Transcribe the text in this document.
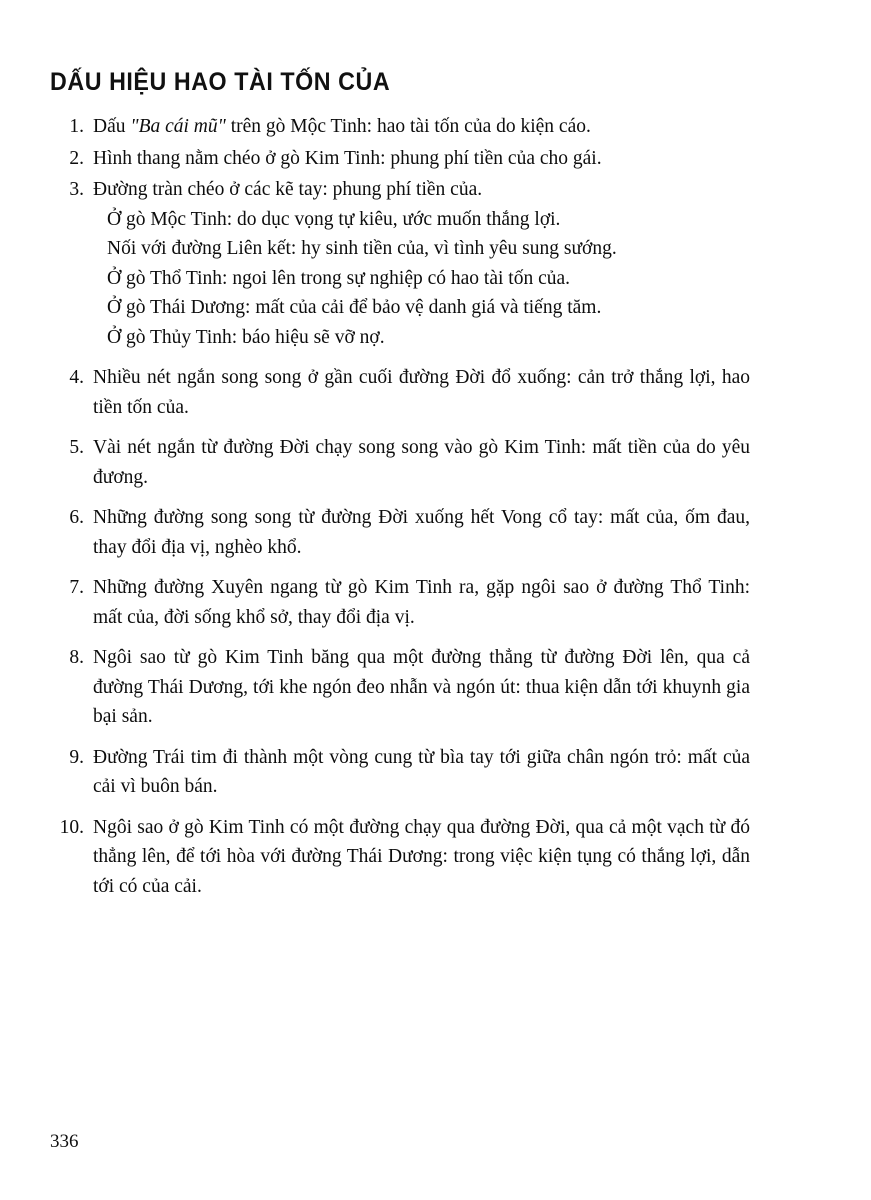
DẤU HIỆU HAO TÀI TỐN CỦA
1. Dấu "Ba cái mũ" trên gò Mộc Tinh: hao tài tốn của do kiện cáo.
2. Hình thang nằm chéo ở gò Kim Tinh: phung phí tiền của cho gái.
3. Đường tràn chéo ở các kẽ tay: phung phí tiền của.
Ở gò Mộc Tinh: do dục vọng tự kiêu, ước muốn thắng lợi.
Nối với đường Liên kết: hy sinh tiền của, vì tình yêu sung sướng.
Ở gò Thổ Tinh: ngoi lên trong sự nghiệp có hao tài tốn của.
Ở gò Thái Dương: mất của cải để bảo vệ danh giá và tiếng tăm.
Ở gò Thủy Tinh: báo hiệu sẽ vỡ nợ.
4. Nhiều nét ngắn song song ở gần cuối đường Đời đổ xuống: cản trở thắng lợi, hao tiền tốn của.
5. Vài nét ngắn từ đường Đời chạy song song vào gò Kim Tinh: mất tiền của do yêu đương.
6. Những đường song song từ đường Đời xuống hết Vong cổ tay: mất của, ốm đau, thay đổi địa vị, nghèo khổ.
7. Những đường Xuyên ngang từ gò Kim Tinh ra, gặp ngôi sao ở đường Thổ Tinh: mất của, đời sống khổ sở, thay đổi địa vị.
8. Ngôi sao từ gò Kim Tinh băng qua một đường thẳng từ đường Đời lên, qua cả đường Thái Dương, tới khe ngón đeo nhẫn và ngón út: thua kiện dẫn tới khuynh gia bại sản.
9. Đường Trái tim đi thành một vòng cung từ bìa tay tới giữa chân ngón trỏ: mất của cải vì buôn bán.
10. Ngôi sao ở gò Kim Tinh có một đường chạy qua đường Đời, qua cả một vạch từ đó thẳng lên, để tới hòa với đường Thái Dương: trong việc kiện tụng có thắng lợi, dẫn tới có của cải.
336
